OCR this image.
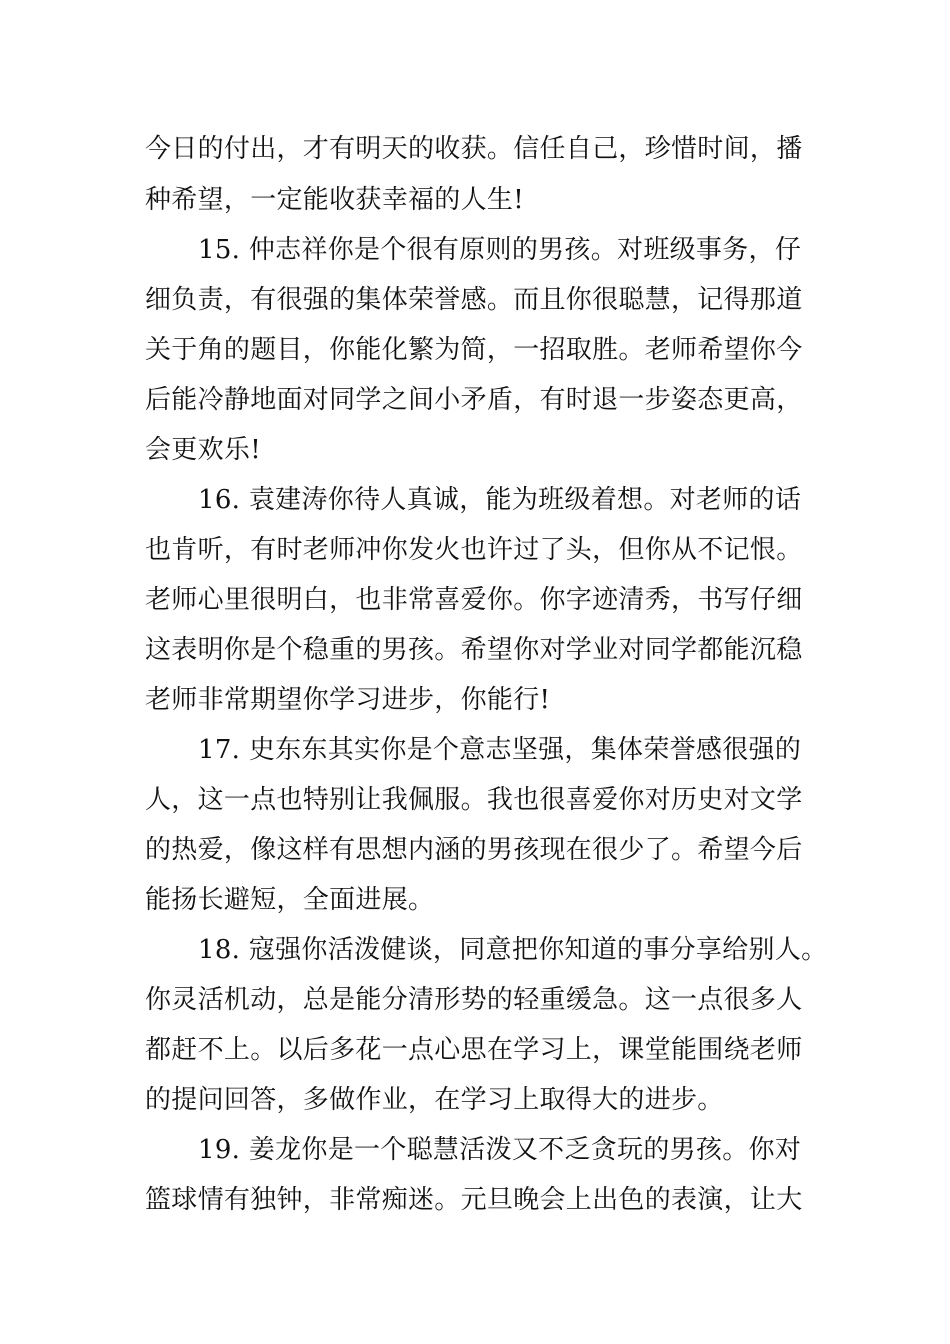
今日的付出，才有明天的收获。信任自己，珍惜时间，播
种希望，一定能收获幸福的人生!
15. 仲志祥你是个很有原则的男孩。对班级事务，仔
细负责，有很强的集体荣誉感。而且你很聪慧，记得那道
关于角的题目，你能化繁为简，一招取胜。老师希望你今
后能冷静地面对同学之间小矛盾，有时退一步姿态更高，
会更欢乐!
16. 袁建涛你待人真诚，能为班级着想。对老师的话
也肯听，有时老师冲你发火也许过了头，但你从不记恨。
老师心里很明白，也非常喜爱你。你字迹清秀，书写仔细
这表明你是个稳重的男孩。希望你对学业对同学都能沉稳
老师非常期望你学习进步，你能行!
17. 史东东其实你是个意志坚强，集体荣誉感很强的
人，这一点也特别让我佩服。我也很喜爱你对历史对文学
的热爱，像这样有思想内涵的男孩现在很少了。希望今后
能扬长避短，全面进展。
18. 寇强你活泼健谈，同意把你知道的事分享给别人。
你灵活机动，总是能分清形势的轻重缓急。这一点很多人
都赶不上。以后多花一点心思在学习上，课堂能围绕老师
的提问回答，多做作业，在学习上取得大的进步。
19. 姜龙你是一个聪慧活泼又不乏贪玩的男孩。你对
篮球情有独钟，非常痴迷。元旦晚会上出色的表演，让大
